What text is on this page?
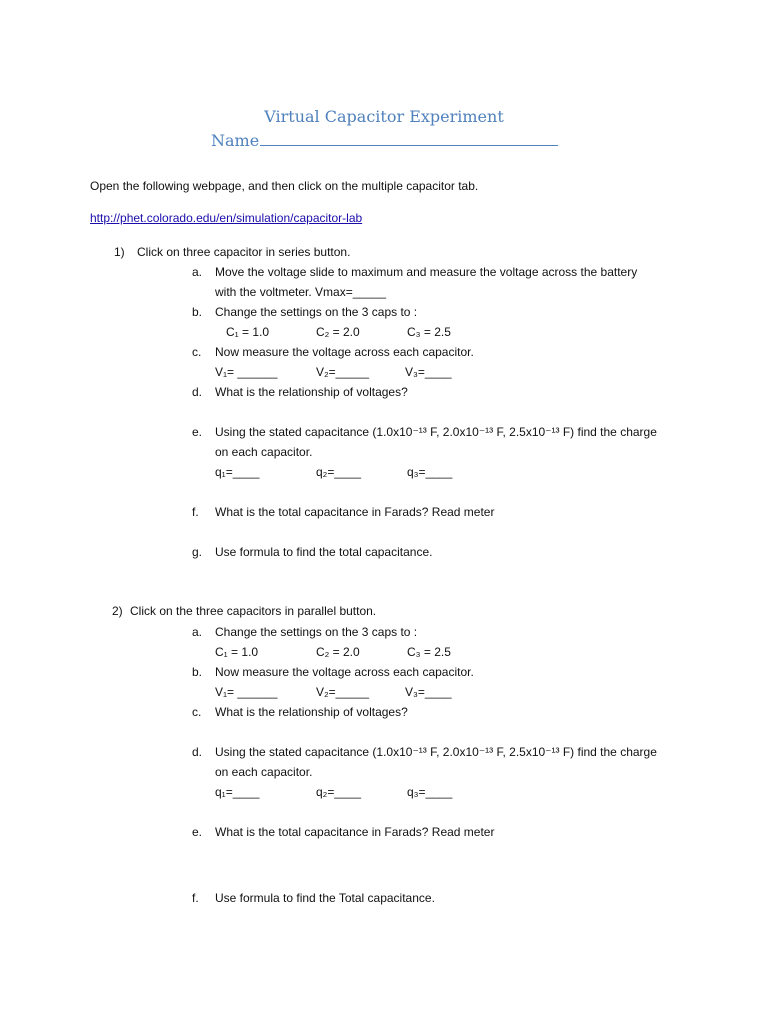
Virtual Capacitor Experiment
Name
Open the following webpage, and then click on the multiple capacitor tab.
http://phet.colorado.edu/en/simulation/capacitor-lab
1) Click on three capacitor in series button.
a. Move the voltage slide to maximum and measure the voltage across the battery
with the voltmeter. Vmax=_____
b. Change the settings on the 3 caps to :
C₁ = 1.0	C₂ = 2.0	C₃ = 2.5
c. Now measure the voltage across each capacitor.
V₁= ______	V₂=_____	V₃=____
d. What is the relationship of voltages?
e. Using the stated capacitance (1.0x10⁻¹³ F, 2.0x10⁻¹³ F, 2.5x10⁻¹³ F) find the charge
on each capacitor.
q₁=____	q₂=____	q₃=____
f. What is the total capacitance in Farads? Read meter
g. Use formula to find the total capacitance.
2) Click on the three capacitors in parallel button.
a. Change the settings on the 3 caps to :
C₁ = 1.0	C₂ = 2.0	C₃ = 2.5
b. Now measure the voltage across each capacitor.
V₁= ______	V₂=_____	V₃=____
c. What is the relationship of voltages?
d. Using the stated capacitance (1.0x10⁻¹³ F, 2.0x10⁻¹³ F, 2.5x10⁻¹³ F) find the charge
on each capacitor.
q₁=____	q₂=____	q₃=____
e. What is the total capacitance in Farads? Read meter
f. Use formula to find the Total capacitance.
